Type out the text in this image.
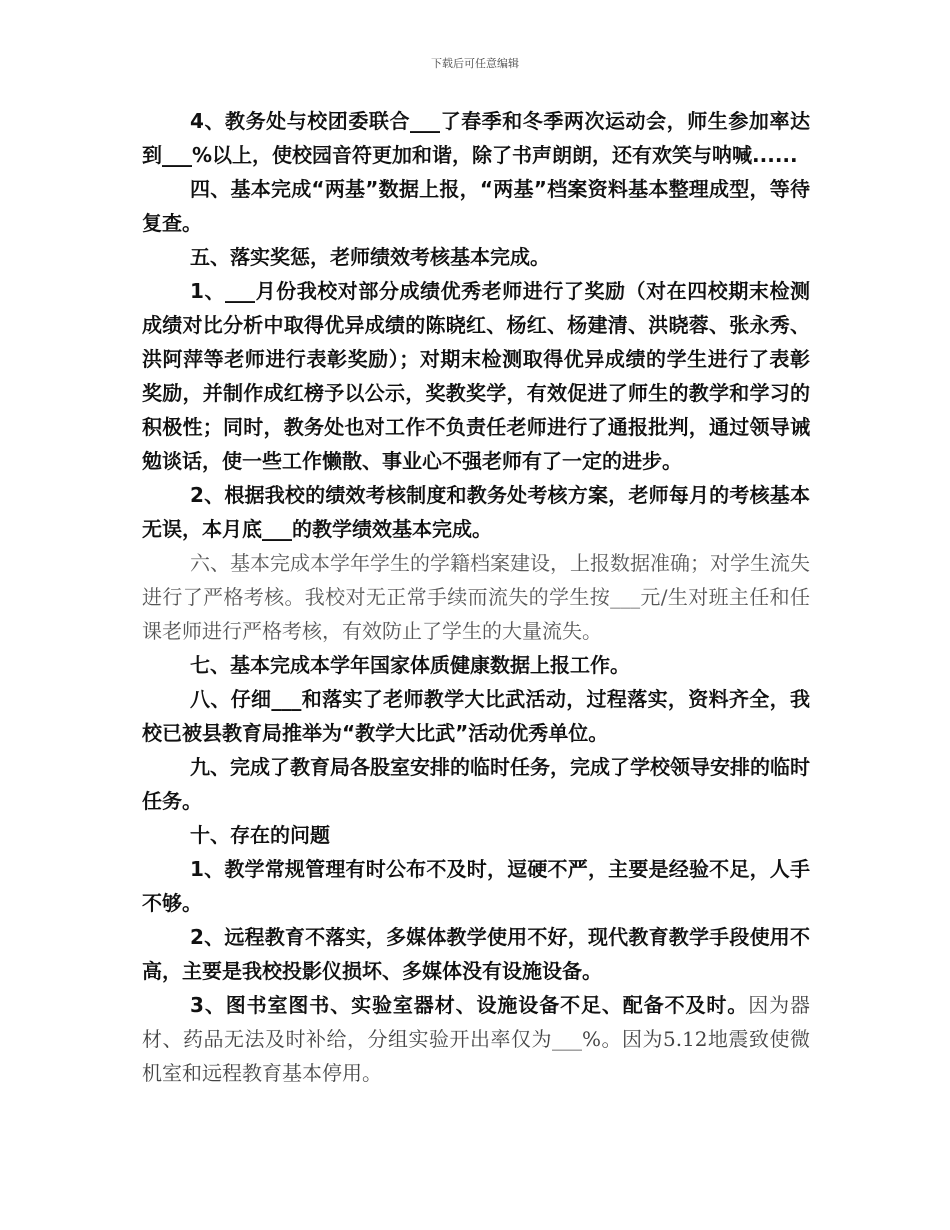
下载后可任意编辑

4、教务处与校团委联合___了春季和冬季两次运动会，师生参加率达到___%以上，使校园音符更加和谐，除了书声朗朗，还有欢笑与呐喊......

四、基本完成“两基”数据上报，“两基”档案资料基本整理成型，等待复查。

五、落实奖惩，老师绩效考核基本完成。

1、___月份我校对部分成绩优秀老师进行了奖励（对在四校期末检测成绩对比分析中取得优异成绩的陈晓红、杨红、杨建清、洪晓蓉、张永秀、洪阿萍等老师进行表彰奖励）；对期末检测取得优异成绩的学生进行了表彰奖励，并制作成红榜予以公示，奖教奖学，有效促进了师生的教学和学习的积极性；同时，教务处也对工作不负责任老师进行了通报批判，通过领导诫勉谈话，使一些工作懒散、事业心不强老师有了一定的进步。

2、根据我校的绩效考核制度和教务处考核方案，老师每月的考核基本无误，本月底___的教学绩效基本完成。

六、基本完成本学年学生的学籍档案建设，上报数据准确；对学生流失进行了严格考核。我校对无正常手续而流失的学生按___元/生对班主任和任课老师进行严格考核，有效防止了学生的大量流失。

七、基本完成本学年国家体质健康数据上报工作。

八、仔细___和落实了老师教学大比武活动，过程落实，资料齐全，我校已被县教育局推举为“教学大比武”活动优秀单位。

九、完成了教育局各股室安排的临时任务，完成了学校领导安排的临时任务。

十、存在的问题

1、教学常规管理有时公布不及时，逗硬不严，主要是经验不足，人手不够。

2、远程教育不落实，多媒体教学使用不好，现代教育教学手段使用不高，主要是我校投影仪损坏、多媒体没有设施设备。

3、图书室图书、实验室器材、设施设备不足、配备不及时。因为器材、药品无法及时补给，分组实验开出率仅为___%。因为5.12地震致使微机室和远程教育基本停用。
